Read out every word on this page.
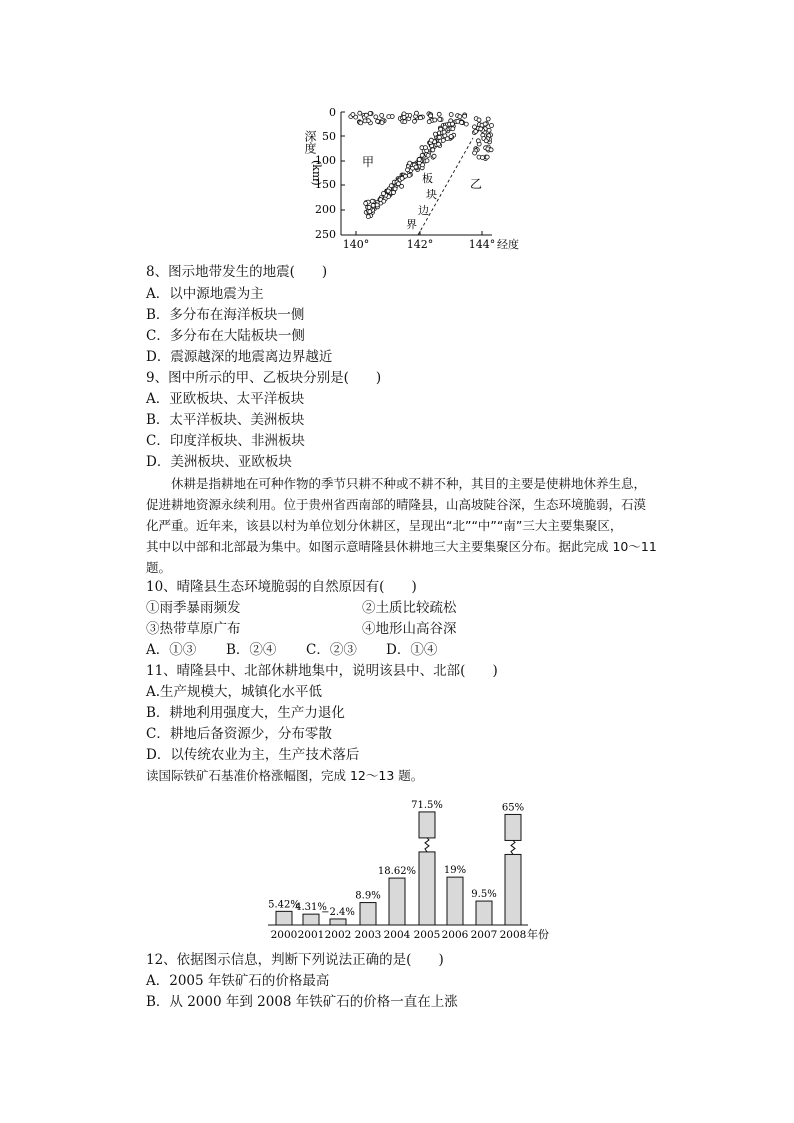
0
50
100
150
200
250
深度
(km)
140°	142°	144° 经度
甲
乙
板
块
边
界
8、图示地带发生的地震(　　)
A．以中源地震为主
B．多分布在海洋板块一侧
C．多分布在大陆板块一侧
D．震源越深的地震离边界越近
9、图中所示的甲、乙板块分别是(　　)
A．亚欧板块、太平洋板块
B．太平洋板块、美洲板块
C．印度洋板块、非洲板块
D．美洲板块、亚欧板块
休耕是指耕地在可种作物的季节只耕不种或不耕不种，其目的主要是使耕地休养生息，
促进耕地资源永续利用。位于贵州省西南部的晴隆县，山高坡陡谷深，生态环境脆弱，石漠
化严重。近年来，该县以村为单位划分休耕区，呈现出“北”“中”“南”三大主要集聚区，
其中以中部和北部最为集中。如图示意晴隆县休耕地三大主要集聚区分布。据此完成 10～11
题。
10、晴隆县生态环境脆弱的自然原因有(　　)
①雨季暴雨频发	②土质比较疏松
③热带草原广布	④地形山高谷深
A．①③ B．②④ C．②③ D．①④
11、晴隆县中、北部休耕地集中，说明该县中、北部(　　)
A.生产规模大，城镇化水平低
B．耕地利用强度大，生产力退化
C．耕地后备资源少，分布零散
D．以传统农业为主，生产技术落后
读国际铁矿石基准价格涨幅图，完成 12～13 题。
5.42%
2000
4.31%
2001
−2.4%
2002
8.9%
2003
18.62%
2004
71.5%
2005
19%
2006
9.5%
2007
65%
2008 年份
12、依据图示信息，判断下列说法正确的是(　　)
A．2005 年铁矿石的价格最高
B．从 2000 年到 2008 年铁矿石的价格一直在上涨
